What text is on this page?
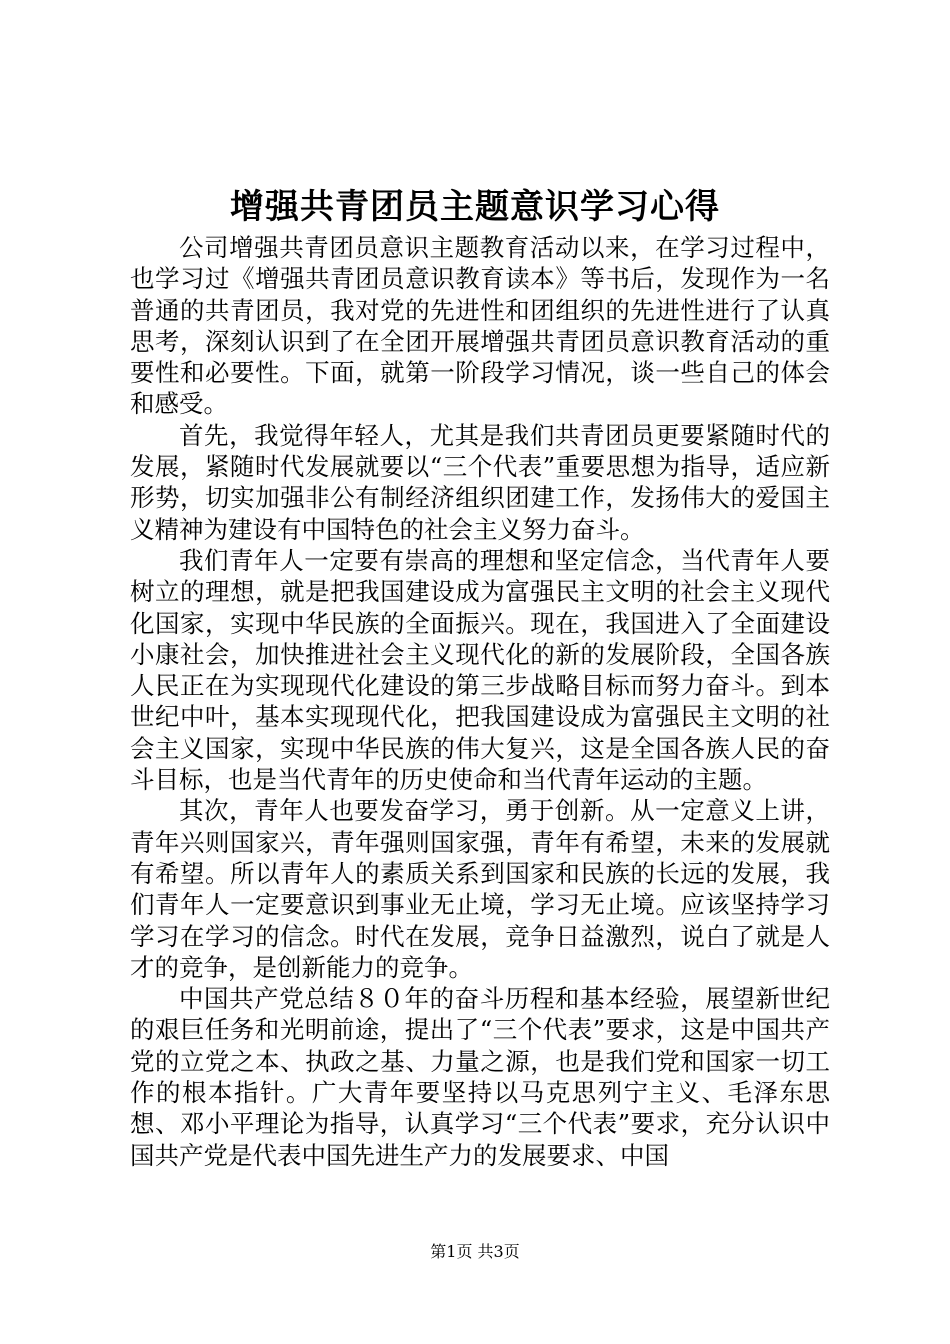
增强共青团员主题意识学习心得

公司增强共青团员意识主题教育活动以来，在学习过程中，也学习过《增强共青团员意识教育读本》等书后，发现作为一名普通的共青团员，我对党的先进性和团组织的先进性进行了认真思考，深刻认识到了在全团开展增强共青团员意识教育活动的重要性和必要性。下面，就第一阶段学习情况，谈一些自己的体会和感受。

首先，我觉得年轻人，尤其是我们共青团员更要紧随时代的发展，紧随时代发展就要以“三个代表”重要思想为指导，适应新形势，切实加强非公有制经济组织团建工作，发扬伟大的爱国主义精神为建设有中国特色的社会主义努力奋斗。

我们青年人一定要有崇高的理想和坚定信念，当代青年人要树立的理想，就是把我国建设成为富强民主文明的社会主义现代化国家，实现中华民族的全面振兴。现在，我国进入了全面建设小康社会，加快推进社会主义现代化的新的发展阶段，全国各族人民正在为实现现代化建设的第三步战略目标而努力奋斗。到本世纪中叶，基本实现现代化，把我国建设成为富强民主文明的社会主义国家，实现中华民族的伟大复兴，这是全国各族人民的奋斗目标，也是当代青年的历史使命和当代青年运动的主题。

其次，青年人也要发奋学习，勇于创新。从一定意义上讲，青年兴则国家兴，青年强则国家强，青年有希望，未来的发展就有希望。所以青年人的素质关系到国家和民族的长远的发展，我们青年人一定要意识到事业无止境，学习无止境。应该坚持学习学习在学习的信念。时代在发展，竞争日益激烈，说白了就是人才的竞争，是创新能力的竞争。

中国共产党总结８０年的奋斗历程和基本经验，展望新世纪的艰巨任务和光明前途，提出了“三个代表”要求，这是中国共产党的立党之本、执政之基、力量之源，也是我们党和国家一切工作的根本指针。广大青年要坚持以马克思列宁主义、毛泽东思想、邓小平理论为指导，认真学习“三个代表”要求，充分认识中国共产党是代表中国先进生产力的发展要求、中国

第1页 共3页
